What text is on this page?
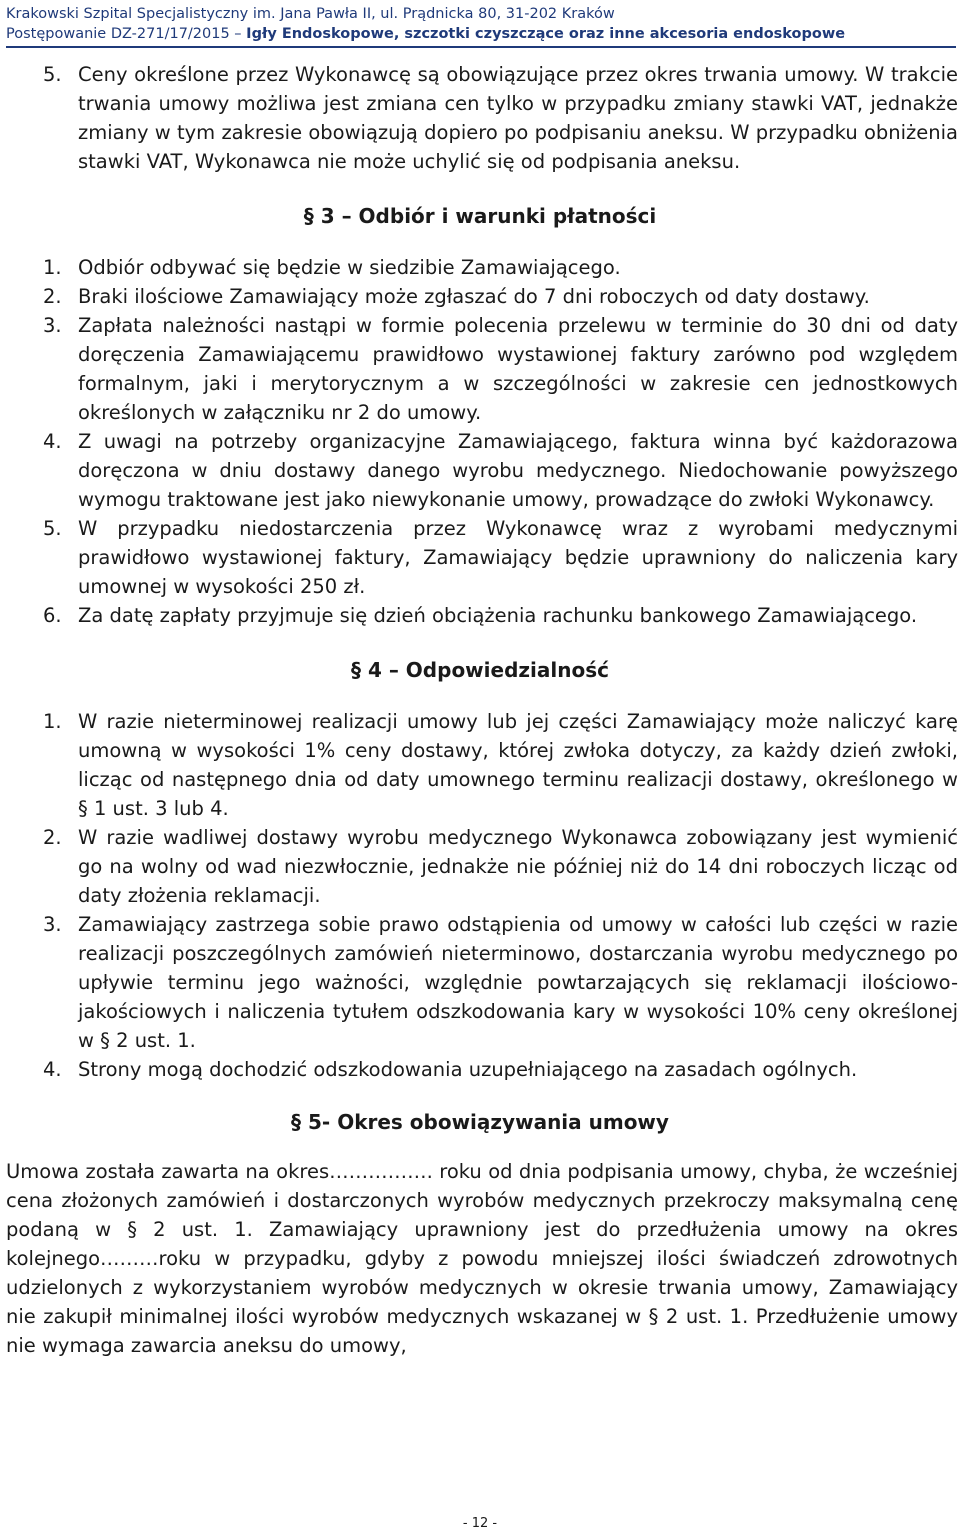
Krakowski Szpital Specjalistyczny im. Jana Pawła II, ul. Prądnicka 80, 31-202 Kraków
Postępowanie DZ-271/17/2015 – Igły Endoskopowe, szczotki czyszczące oraz inne akcesoria endoskopowe
5. Ceny określone przez Wykonawcę są obowiązujące przez okres trwania umowy. W trakcie trwania umowy możliwa jest zmiana cen tylko w przypadku zmiany stawki VAT, jednakże zmiany w tym zakresie obowiązują dopiero po podpisaniu aneksu. W przypadku obniżenia stawki VAT, Wykonawca nie może uchylić się od podpisania aneksu.

§ 3 – Odbiór i warunki płatności

1. Odbiór odbywać się będzie w siedzibie Zamawiającego.
2. Braki ilościowe Zamawiający może zgłaszać do 7 dni roboczych od daty dostawy.
3. Zapłata należności nastąpi w formie polecenia przelewu w terminie do 30 dni od daty doręczenia Zamawiającemu prawidłowo wystawionej faktury zarówno pod względem formalnym, jaki i merytorycznym a w szczególności w zakresie cen jednostkowych określonych w załączniku nr 2 do umowy.
4. Z uwagi na potrzeby organizacyjne Zamawiającego, faktura winna być każdorazowa doręczona w dniu dostawy danego wyrobu medycznego. Niedochowanie powyższego wymogu traktowane jest jako niewykonanie umowy, prowadzące do zwłoki Wykonawcy.
5. W przypadku niedostarczenia przez Wykonawcę wraz z wyrobami medycznymi prawidłowo wystawionej faktury, Zamawiający będzie uprawniony do naliczenia kary umownej w wysokości 250 zł.
6. Za datę zapłaty przyjmuje się dzień obciążenia rachunku bankowego Zamawiającego.

§ 4 – Odpowiedzialność

1. W razie nieterminowej realizacji umowy lub jej części Zamawiający może naliczyć karę umowną w wysokości 1% ceny dostawy, której zwłoka dotyczy, za każdy dzień zwłoki, licząc od następnego dnia od daty umownego terminu realizacji dostawy, określonego w § 1 ust. 3 lub 4.
2. W razie wadliwej dostawy wyrobu medycznego Wykonawca zobowiązany jest wymienić go na wolny od wad niezwłocznie, jednakże nie później niż do 14 dni roboczych licząc od daty złożenia reklamacji.
3. Zamawiający zastrzega sobie prawo odstąpienia od umowy w całości lub części w razie realizacji poszczególnych zamówień nieterminowo, dostarczania wyrobu medycznego po upływie terminu jego ważności, względnie powtarzających się reklamacji ilościowo-jakościowych i naliczenia tytułem odszkodowania kary w wysokości 10% ceny określonej w § 2 ust. 1.
4. Strony mogą dochodzić odszkodowania uzupełniającego na zasadach ogólnych.

§ 5- Okres obowiązywania umowy

Umowa została zawarta na okres……………. roku od dnia podpisania umowy, chyba, że wcześniej cena złożonych zamówień i dostarczonych wyrobów medycznych przekroczy maksymalną cenę podaną w § 2 ust. 1. Zamawiający uprawniony jest do przedłużenia umowy na okres kolejnego………roku w przypadku, gdyby z powodu mniejszej ilości świadczeń zdrowotnych udzielonych z wykorzystaniem wyrobów medycznych w okresie trwania umowy, Zamawiający nie zakupił minimalnej ilości wyrobów medycznych wskazanej w § 2 ust. 1. Przedłużenie umowy nie wymaga zawarcia aneksu do umowy,
- 12 -
